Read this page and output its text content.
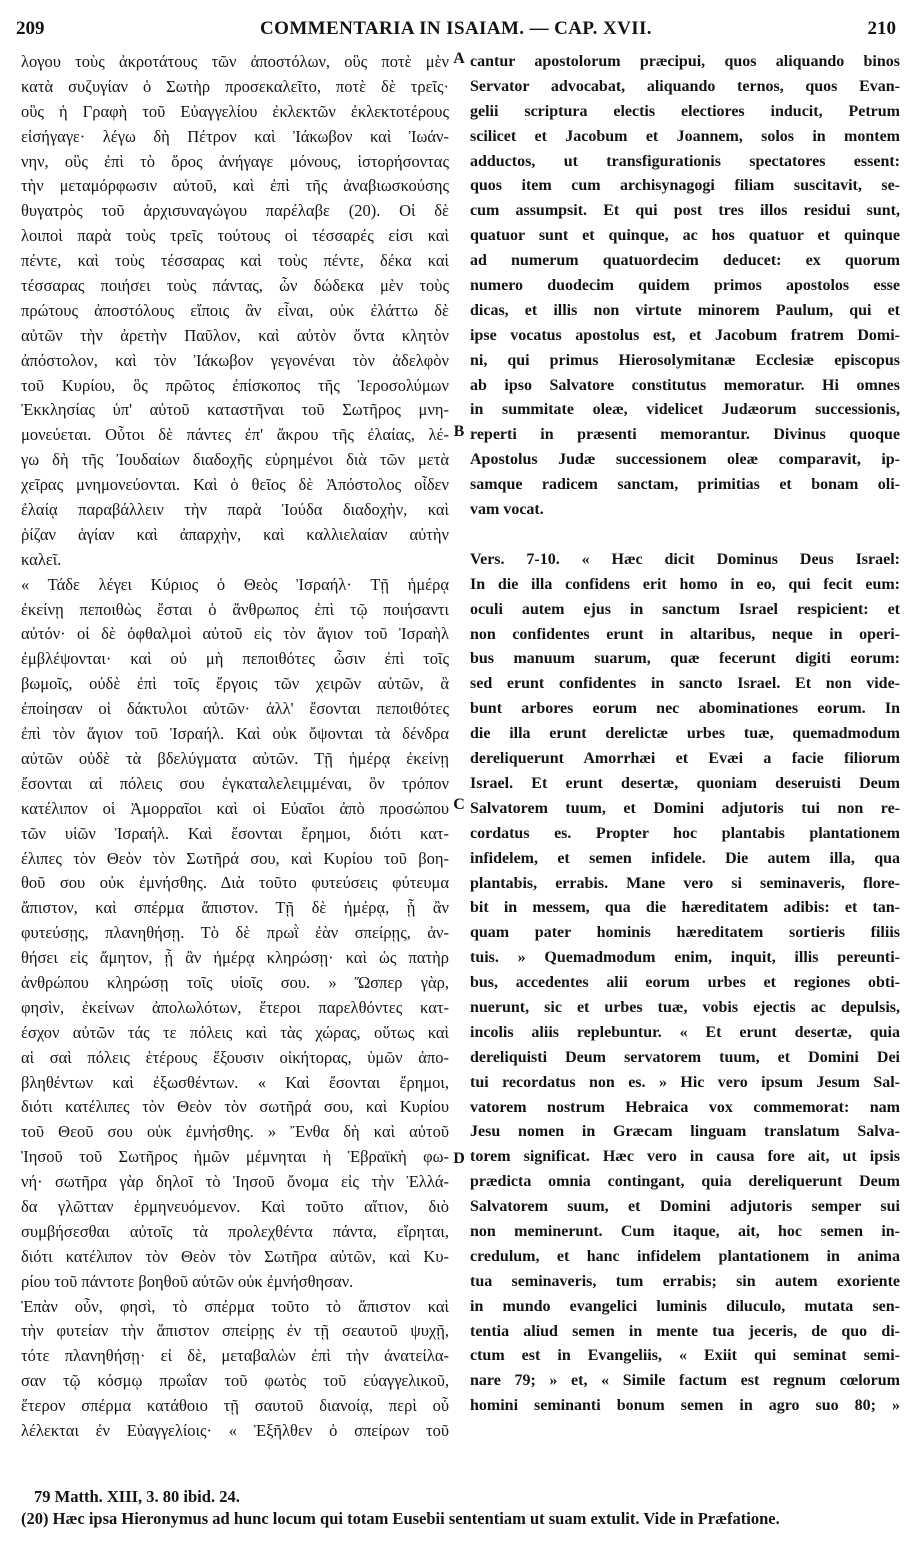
209	COMMENTARIA IN ISAIAM. — CAP. XVII.	210

λογου τοὺς ἀκροτάτους τῶν ἀποστόλων, οὓς ποτὲ μὲν

κατὰ συζυγίαν ὁ Σωτὴρ προσεκαλεῖτο, ποτὲ δὲ τρεῖς·

οὓς ἡ Γραφὴ τοῦ Εὐαγγελίου ἐκλεκτῶν ἐκλεκτοτέρους

εἰσήγαγε· λέγω δὴ Πέτρον καὶ Ἰάκωβον καὶ Ἰωάν-

νην, οὓς ἐπὶ τὸ ὄρος ἀνήγαγε μόνους, ἱστορήσοντας

τὴν μεταμόρφωσιν αὐτοῦ, καὶ ἐπὶ τῆς ἀναβιωσκούσης

θυγατρὸς τοῦ ἀρχισυναγώγου παρέλαβε (20). Οἱ δὲ

λοιποὶ παρὰ τοὺς τρεῖς τούτους οἱ τέσσαρές εἰσι καὶ

πέντε, καὶ τοὺς τέσσαρας καὶ τοὺς πέντε, δέκα καὶ

τέσσαρας ποιήσει τοὺς πάντας, ὧν δώδεκα μὲν τοὺς

πρώτους ἀποστόλους εἴποις ἂν εἶναι, οὐκ ἐλάττω δὲ

αὐτῶν τὴν ἀρετὴν Παῦλον, καὶ αὐτὸν ὄντα κλητὸν

ἀπόστολον, καὶ τὸν Ἰάκωβον γεγονέναι τὸν ἀδελφὸν

τοῦ Κυρίου, ὃς πρῶτος ἐπίσκοπος τῆς Ἱεροσολύμων

Ἐκκλησίας ὑπ' αὐτοῦ καταστῆναι τοῦ Σωτῆρος μνη-

μονεύεται. Οὗτοι δὲ πάντες ἐπ' ἄκρου τῆς ἐλαίας, λέ-

γω δὴ τῆς Ἰουδαίων διαδοχῆς εὑρημένοι διὰ τῶν μετὰ

χεῖρας μνημονεύονται. Καὶ ὁ θεῖος δὲ Ἀπόστολος οἶδεν

ἐλαίᾳ παραβάλλειν τὴν παρὰ Ἰούδα διαδοχὴν, καὶ

ῥίζαν ἁγίαν καὶ ἀπαρχὴν, καὶ καλλιελαίαν αὐτὴν

καλεῖ.

« Τάδε λέγει Κύριος ὁ Θεὸς Ἰσραήλ· Τῇ ἡμέρᾳ

ἐκείνῃ πεποιθὼς ἔσται ὁ ἄνθρωπος ἐπὶ τῷ ποιήσαντι

αὐτόν· οἱ δὲ ὀφθαλμοὶ αὐτοῦ εἰς τὸν ἅγιον τοῦ Ἰσραὴλ

ἐμβλέψονται· καὶ οὐ μὴ πεποιθότες ὦσιν ἐπὶ τοῖς

βωμοῖς, οὐδὲ ἐπὶ τοῖς ἔργοις τῶν χειρῶν αὐτῶν, ἃ

ἐποίησαν οἱ δάκτυλοι αὐτῶν· ἀλλ' ἔσονται πεποιθότες

ἐπὶ τὸν ἅγιον τοῦ Ἰσραήλ. Καὶ οὐκ ὄψονται τὰ δένδρα

αὐτῶν οὐδὲ τὰ βδελύγματα αὐτῶν. Τῇ ἡμέρᾳ ἐκείνῃ

ἔσονται αἱ πόλεις σου ἐγκαταλελειμμέναι, ὃν τρόπον

κατέλιπον οἱ Ἀμορραῖοι καὶ οἱ Εὐαῖοι ἀπὸ προσώπου

τῶν υἱῶν Ἰσραήλ. Καὶ ἔσονται ἔρημοι, διότι κατ-

έλιπες τὸν Θεὸν τὸν Σωτῆρά σου, καὶ Κυρίου τοῦ βοη-

θοῦ σου οὐκ ἐμνήσθης. Διὰ τοῦτο φυτεύσεις φύτευμα

ἄπιστον, καὶ σπέρμα ἄπιστον. Τῇ δὲ ἡμέρᾳ, ᾗ ἂν

φυτεύσῃς, πλανηθήσῃ. Τὸ δὲ πρωῒ ἐὰν σπείρῃς, ἀν-

θήσει εἰς ἄμητον, ᾗ ἂν ἡμέρᾳ κληρώσῃ· καὶ ὡς πατὴρ

ἀνθρώπου κληρώσῃ τοῖς υἱοῖς σου. » Ὥσπερ γὰρ,

φησὶν, ἐκείνων ἀπολωλότων, ἕτεροι παρελθόντες κατ-

έσχον αὐτῶν τάς τε πόλεις καὶ τὰς χώρας, οὕτως καὶ

αἱ σαὶ πόλεις ἑτέρους ἕξουσιν οἰκήτορας, ὑμῶν ἀπο-

βληθέντων καὶ ἐξωσθέντων. « Καὶ ἔσονται ἔρημοι,

διότι κατέλιπες τὸν Θεὸν τὸν σωτῆρά σου, καὶ Κυρίου

τοῦ Θεοῦ σου οὐκ ἐμνήσθης. » Ἔνθα δὴ καὶ αὐτοῦ

Ἰησοῦ τοῦ Σωτῆρος ἡμῶν μέμνηται ἡ Ἑβραϊκὴ φω-

νή· σωτῆρα γὰρ δηλοῖ τὸ Ἰησοῦ ὄνομα εἰς τὴν Ἑλλά-

δα γλῶτταν ἑρμηνευόμενον. Καὶ τοῦτο αἴτιον, διὸ

συμβήσεσθαι αὐτοῖς τὰ προλεχθέντα πάντα, εἴρηται,

διότι κατέλιπον τὸν Θεὸν τὸν Σωτῆρα αὐτῶν, καὶ Κυ-

ρίου τοῦ πάντοτε βοηθοῦ αὐτῶν οὐκ ἐμνήσθησαν.

Ἐπὰν οὖν, φησὶ, τὸ σπέρμα τοῦτο τὸ ἄπιστον καὶ

τὴν φυτείαν τὴν ἄπιστον σπείρῃς ἐν τῇ σεαυτοῦ ψυχῇ,

τότε πλανηθήσῃ· εἰ δὲ, μεταβαλὼν ἐπὶ τὴν ἀνατείλα-

σαν τῷ κόσμῳ πρωΐαν τοῦ φωτὸς τοῦ εὐαγγελικοῦ,

ἕτερον σπέρμα κατάθοιο τῇ σαυτοῦ διανοίᾳ, περὶ οὗ

λέλεκται ἐν Εὐαγγελίοις· « Ἐξῆλθεν ὁ σπείρων τοῦ

cantur apostolorum præcipui, quos aliquando binos

Servator advocabat, aliquando ternos, quos Evan-

gelii scriptura electis electiores inducit, Petrum

scilicet et Jacobum et Joannem, solos in montem

adductos, ut transfigurationis spectatores essent:

quos item cum archisynagogi filiam suscitavit, se-

cum assumpsit. Et qui post tres illos residui sunt,

quatuor sunt et quinque, ac hos quatuor et quinque

ad numerum quatuordecim deducet: ex quorum

numero duodecim quidem primos apostolos esse

dicas, et illis non virtute minorem Paulum, qui et

ipse vocatus apostolus est, et Jacobum fratrem Domi-

ni, qui primus Hierosolymitanæ Ecclesiæ episcopus

ab ipso Salvatore constitutus memoratur. Hi omnes

in summitate oleæ, videlicet Judæorum successionis,

reperti in præsenti memorantur. Divinus quoque

Apostolus Judæ successionem oleæ comparavit, ip-

samque radicem sanctam, primitias et bonam oli-

vam vocat.

Vers. 7-10. « Hæc dicit Dominus Deus Israel:

In die illa confidens erit homo in eo, qui fecit eum:

oculi autem ejus in sanctum Israel respicient: et

non confidentes erunt in altaribus, neque in operi-

bus manuum suarum, quæ fecerunt digiti eorum:

sed erunt confidentes in sancto Israel. Et non vide-

bunt arbores eorum nec abominationes eorum. In

die illa erunt derelictæ urbes tuæ, quemadmodum

dereliquerunt Amorrhæi et Evæi a facie filiorum

Israel. Et erunt desertæ, quoniam deseruisti Deum

Salvatorem tuum, et Domini adjutoris tui non re-

cordatus es. Propter hoc plantabis plantationem

infidelem, et semen infidele. Die autem illa, qua

plantabis, errabis. Mane vero si seminaveris, flore-

bit in messem, qua die hæreditatem adibis: et tan-

quam pater hominis hæreditatem sortieris filiis

tuis. » Quemadmodum enim, inquit, illis pereunti-

bus, accedentes alii eorum urbes et regiones obti-

nuerunt, sic et urbes tuæ, vobis ejectis ac depulsis,

incolis aliis replebuntur. « Et erunt desertæ, quia

dereliquisti Deum servatorem tuum, et Domini Dei

tui recordatus non es. » Hic vero ipsum Jesum Sal-

vatorem nostrum Hebraica vox commemorat: nam

Jesu nomen in Græcam linguam translatum Salva-

torem significat. Hæc vero in causa fore ait, ut ipsis

prædicta omnia contingant, quia dereliquerunt Deum

Salvatorem suum, et Domini adjutoris semper sui

non meminerunt. Cum itaque, ait, hoc semen in-

credulum, et hanc infidelem plantationem in anima

tua seminaveris, tum errabis; sin autem exoriente

in mundo evangelici luminis diluculo, mutata sen-

tentia aliud semen in mente tua jeceris, de quo di-

ctum est in Evangeliis, « Exiit qui seminat semi-

nare 79; » et, « Simile factum est regnum cœlorum

homini seminanti bonum semen in agro suo 80; »

A
B
C
D
79 Matth. XIII, 3. 80 ibid. 24.
(20) Hæc ipsa Hieronymus ad hunc locum qui totam Eusebii sententiam ut suam extulit. Vide in Præfatione.
